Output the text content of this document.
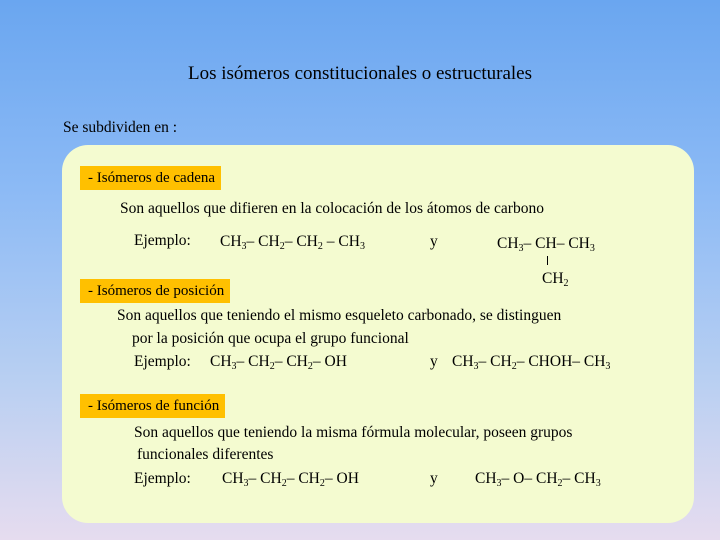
Los isómeros constitucionales o estructurales
Se subdividen en :
- Isómeros de cadena
Son aquellos que difieren en la colocación de los átomos de carbono
Ejemplo: $CH_3-$ $CH_2-$ $CH_2 - CH_3$	y	$CH_3-$ CH– $CH_3$
$CH_2$
- Isómeros de posición
Son aquellos que teniendo el mismo esqueleto carbonado, se distinguen
por la posición que ocupa el grupo funcional
Ejemplo: $CH_3-$ $CH_2-$ $CH_2-$ OH	y $CH_3-$ $CH_2-$ CHOH– $CH_3$
- Isómeros de función
Son aquellos que teniendo la misma fórmula molecular, poseen grupos
funcionales diferentes
Ejemplo: $CH_3-$ $CH_2-$ $CH_2-$ OH	y $CH_3-$ O– $CH_2-$ $CH_3$
